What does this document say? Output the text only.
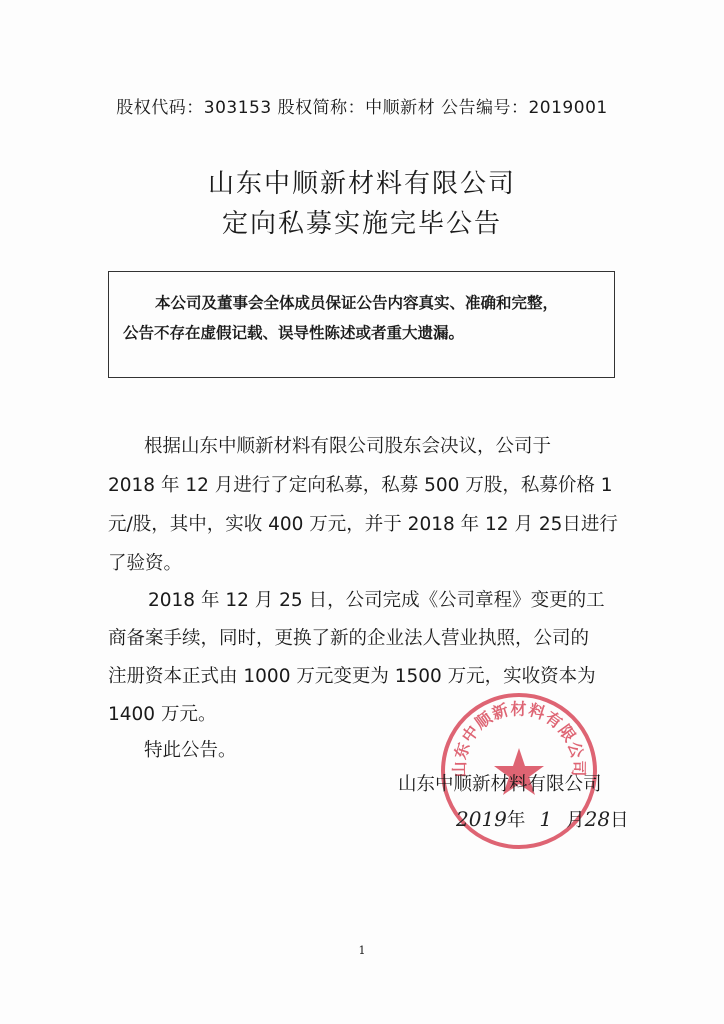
股权代码：303153 股权简称：中顺新材 公告编号：2019001
山东中顺新材料有限公司
定向私募实施完毕公告

本公司及董事会全体成员保证公告内容真实、准确和完整，

公告不存在虚假记载、误导性陈述或者重大遗漏。

根据山东中顺新材料有限公司股东会决议，公司于
2018 年 12 月进行了定向私募，私募 500 万股，私募价格 1
元/股，其中，实收 400 万元，并于 2018 年 12 月 25日进行
了验资。
2018 年 12 月 25 日，公司完成《公司章程》变更的工
商备案手续，同时，更换了新的企业法人营业执照，公司的
注册资本正式由 1000 万元变更为 1500 万元，实收资本为
1400 万元。
特此公告。
山东中顺新材料有限公司
山东中顺新材料有限公司
2019年 1 月28日
1
